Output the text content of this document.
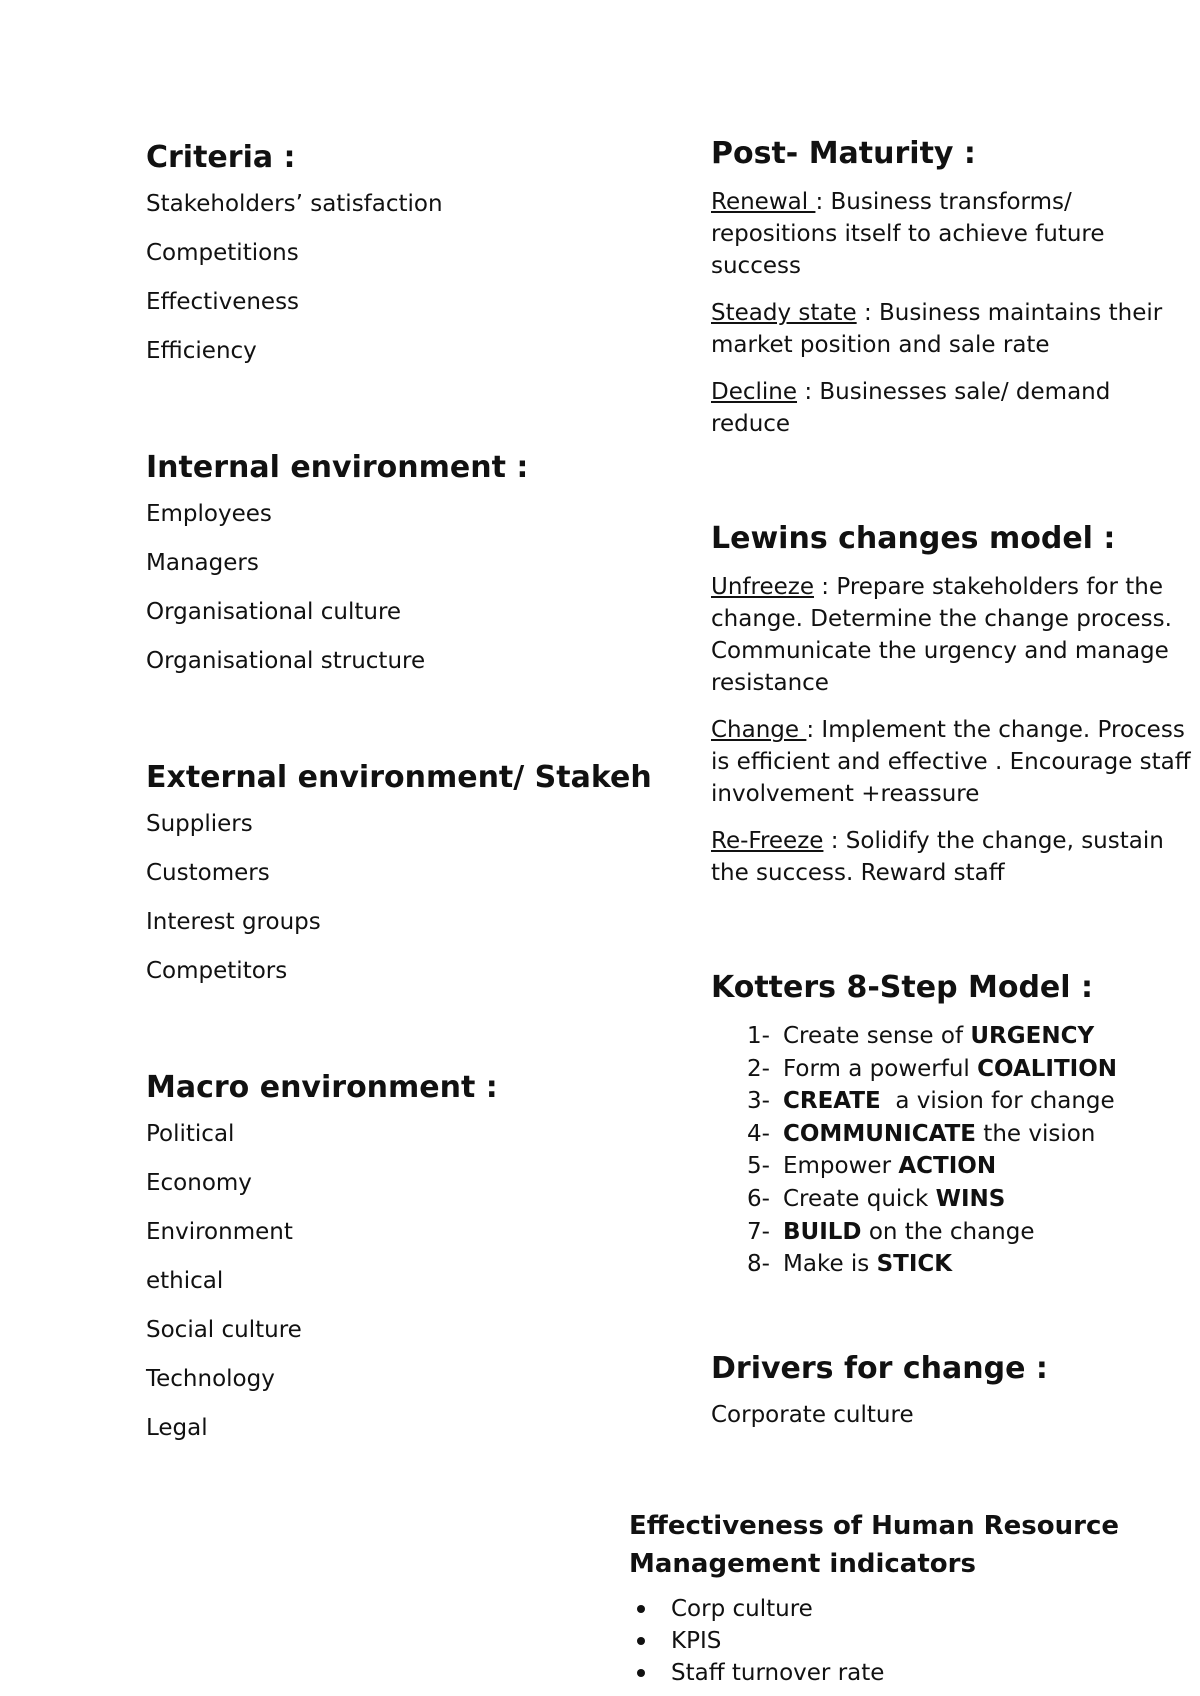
Criteria :
Stakeholders’ satisfaction
Competitions
Effectiveness
Efficiency
Internal environment :
Employees
Managers
Organisational culture
Organisational structure
External environment/ Stakeh
Suppliers
Customers
Interest groups
Competitors
Macro environment :
Political
Economy
Environment
ethical
Social culture
Technology
Legal
Post- Maturity :

Renewal : Business transforms/ repositions itself to achieve future success

Steady state : Business maintains their market position and sale rate

Decline : Businesses sale/ demand reduce

Lewins changes model :

Unfreeze : Prepare stakeholders for the change. Determine the change process. Communicate the urgency and manage resistance

Change : Implement the change. Process is efficient and effective . Encourage staff involvement +reassure

Re-Freeze : Solidify the change, sustain the success. Reward staff

Kotters 8-Step Model :
1- Create sense of URGENCY
2- Form a powerful COALITION
3- CREATE  a vision for change
4- COMMUNICATE the vision
5- Empower ACTION
6- Create quick WINS
7- BUILD on the change
8- Make is STICK
Drivers for change :
Corporate culture
Effectiveness of Human Resource
Management indicators
Corp culture
KPIS
Staff turnover rate
